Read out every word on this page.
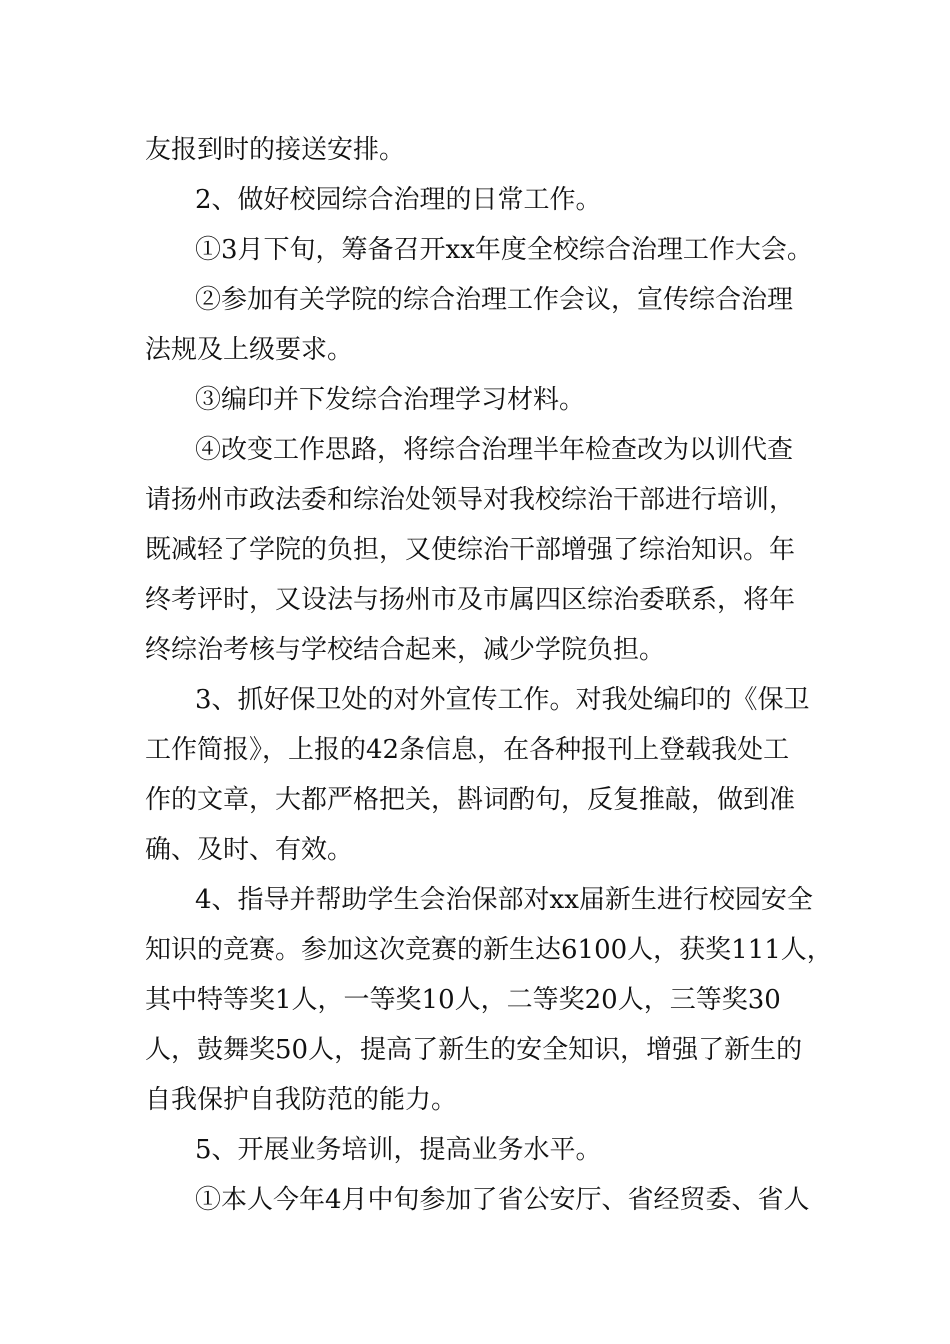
友报到时的接送安排。
2、做好校园综合治理的日常工作。
①3月下旬，筹备召开xx年度全校综合治理工作大会。
②参加有关学院的综合治理工作会议，宣传综合治理
法规及上级要求。
③编印并下发综合治理学习材料。
④改变工作思路，将综合治理半年检查改为以训代查
请扬州市政法委和综治处领导对我校综治干部进行培训，
既减轻了学院的负担，又使综治干部增强了综治知识。年
终考评时，又设法与扬州市及市属四区综治委联系，将年
终综治考核与学校结合起来，减少学院负担。
3、抓好保卫处的对外宣传工作。对我处编印的《保卫
工作简报》，上报的42条信息，在各种报刊上登载我处工
作的文章，大都严格把关，斟词酌句，反复推敲，做到准
确、及时、有效。
4、指导并帮助学生会治保部对xx届新生进行校园安全
知识的竞赛。参加这次竞赛的新生达6100人，获奖111人，
其中特等奖1人，一等奖10人，二等奖20人，三等奖30
人，鼓舞奖50人，提高了新生的安全知识，增强了新生的
自我保护自我防范的能力。
5、开展业务培训，提高业务水平。
①本人今年4月中旬参加了省公安厅、省经贸委、省人
